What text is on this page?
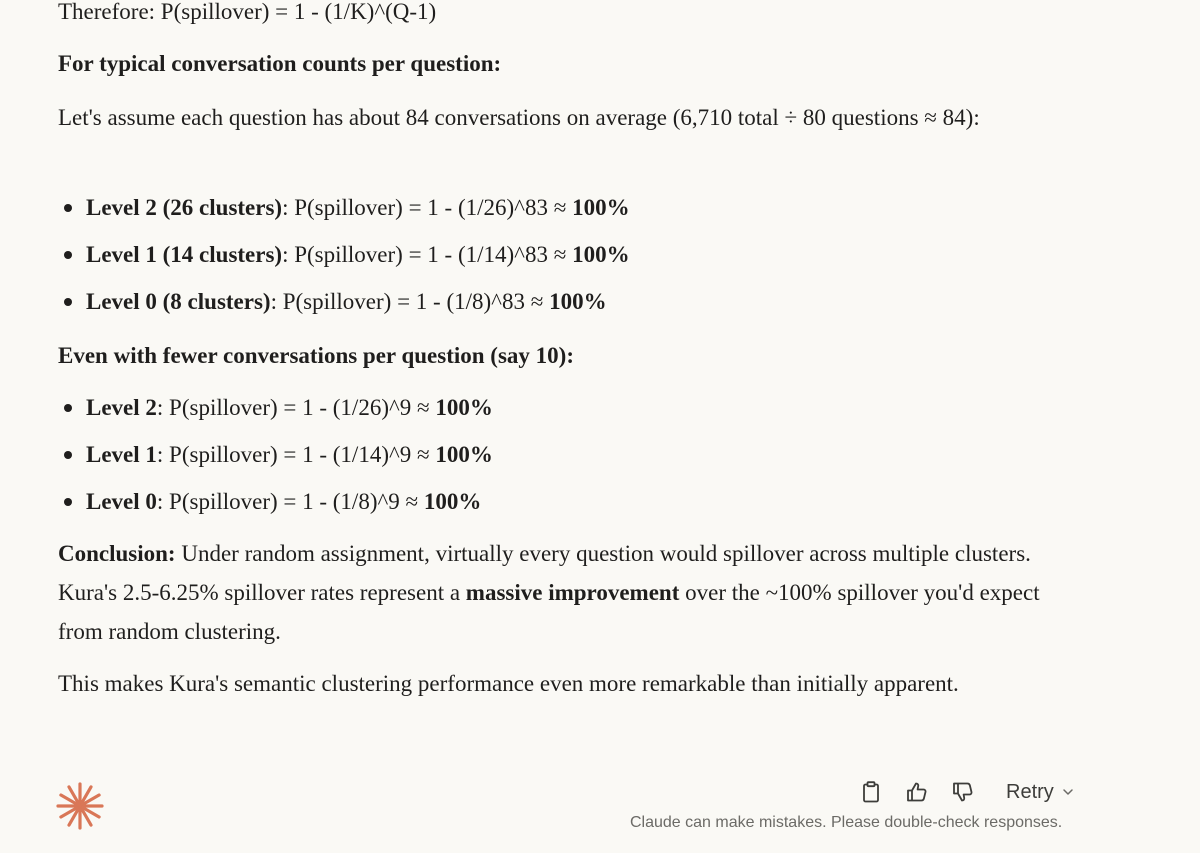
Therefore: P(spillover) = 1 - (1/K)^(Q-1)

For typical conversation counts per question:

Let's assume each question has about 84 conversations on average (6,710 total ÷ 80 questions ≈ 84):

Level 2 (26 clusters): P(spillover) = 1 - (1/26)^83 ≈ 100%
Level 1 (14 clusters): P(spillover) = 1 - (1/14)^83 ≈ 100%
Level 0 (8 clusters): P(spillover) = 1 - (1/8)^83 ≈ 100%

Even with fewer conversations per question (say 10):

Level 2: P(spillover) = 1 - (1/26)^9 ≈ 100%
Level 1: P(spillover) = 1 - (1/14)^9 ≈ 100%
Level 0: P(spillover) = 1 - (1/8)^9 ≈ 100%

Conclusion: Under random assignment, virtually every question would spillover across multiple clusters. Kura's 2.5-6.25% spillover rates represent a massive improvement over the ~100% spillover you'd expect from random clustering.

This makes Kura's semantic clustering performance even more remarkable than initially apparent.

Retry
Claude can make mistakes. Please double-check responses.
